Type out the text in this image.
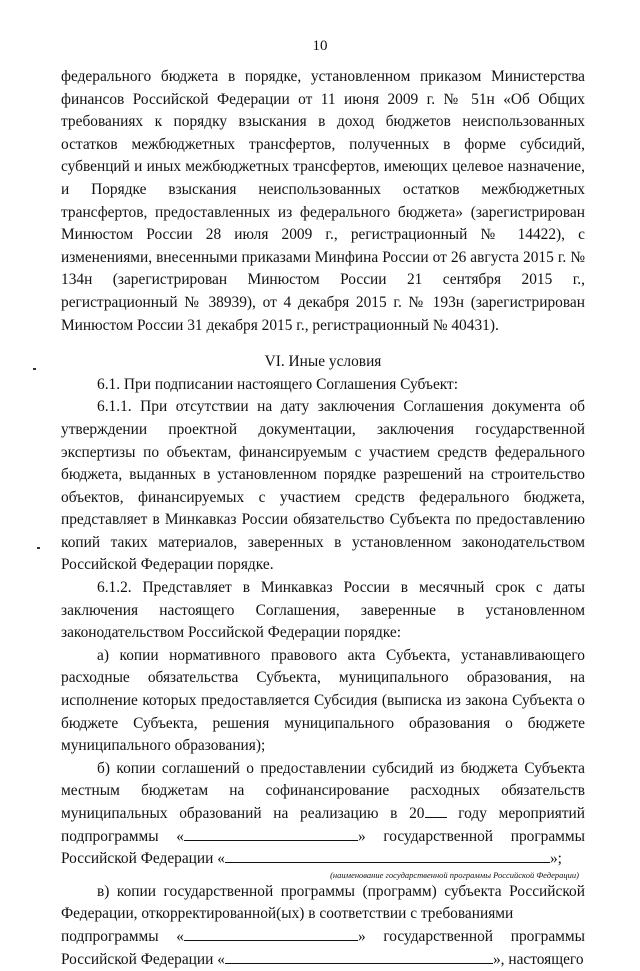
10

федерального бюджета в порядке, установленном приказом Министерства финансов Российской Федерации от 11 июня 2009 г. № 51н «Об Общих требованиях к порядку взыскания в доход бюджетов неиспользованных остатков межбюджетных трансфертов, полученных в форме субсидий, субвенций и иных межбюджетных трансфертов, имеющих целевое назначение, и Порядке взыскания неиспользованных остатков межбюджетных трансфертов, предоставленных из федерального бюджета» (зарегистрирован Минюстом России 28 июля 2009 г., регистрационный № 14422), с изменениями, внесенными приказами Минфина России от 26 августа 2015 г. № 134н (зарегистрирован Минюстом России 21 сентября 2015 г., регистрационный № 38939), от 4 декабря 2015 г. № 193н (зарегистрирован Минюстом России 31 декабря 2015 г., регистрационный № 40431).

VI. Иные условия

6.1. При подписании настоящего Соглашения Субъект:

6.1.1. При отсутствии на дату заключения Соглашения документа об утверждении проектной документации, заключения государственной экспертизы по объектам, финансируемым с участием средств федерального бюджета, выданных в установленном порядке разрешений на строительство объектов, финансируемых с участием средств федерального бюджета, представляет в Минкавказ России обязательство Субъекта по предоставлению копий таких материалов, заверенных в установленном законодательством Российской Федерации порядке.

6.1.2. Представляет в Минкавказ России в месячный срок с даты заключения настоящего Соглашения, заверенные в установленном законодательством Российской Федерации порядке:

а) копии нормативного правового акта Субъекта, устанавливающего расходные обязательства Субъекта, муниципального образования, на исполнение которых предоставляется Субсидия (выписка из закона Субъекта о бюджете Субъекта, решения муниципального образования о бюджете муниципального образования);

б) копии соглашений о предоставлении субсидий из бюджета Субъекта местным бюджетам на софинансирование расходных обязательств муниципальных образований на реализацию в 20 году мероприятий

подпрограммы «	» государственной программы

Российской Федерации «	»;

(наименование государственной программы Российской Федерации)

в) копии государственной программы (программ) субъекта Российской Федерации, откорректированной(ых) в соответствии с требованиями

подпрограммы «	» государственной программы

Российской Федерации «	», настоящего
